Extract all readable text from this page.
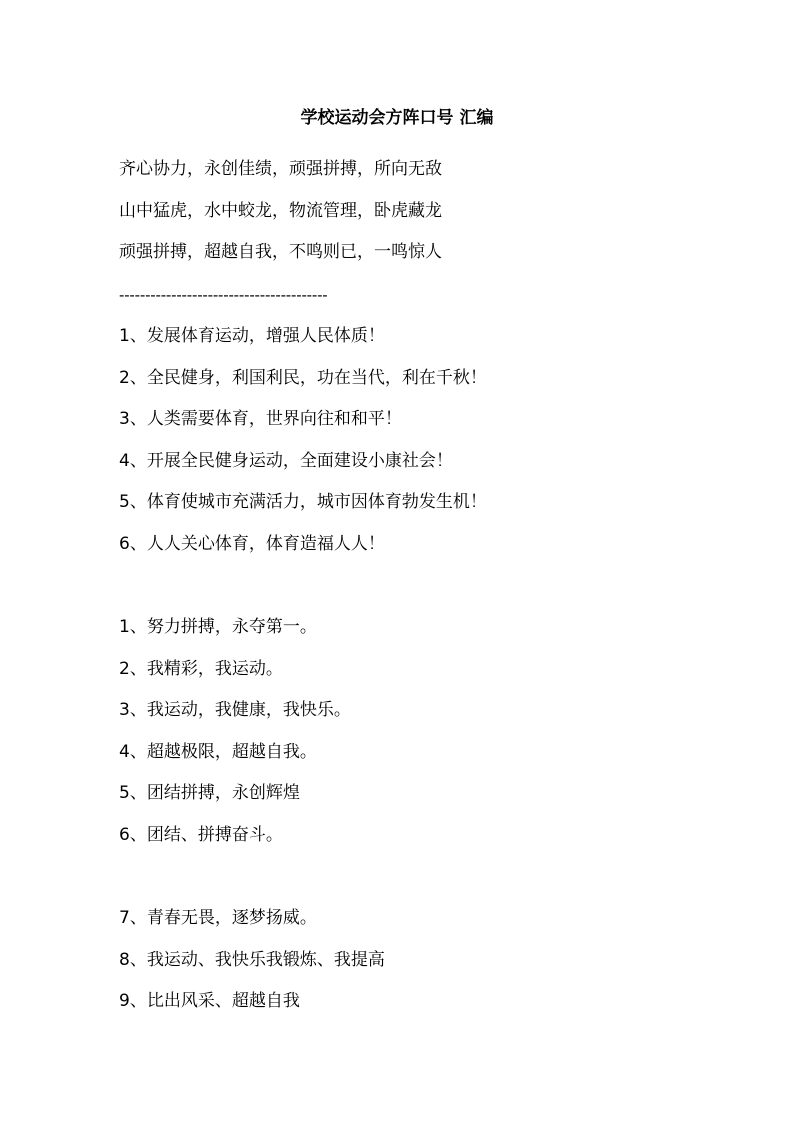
学校运动会方阵口号 汇编
齐心协力，永创佳绩，顽强拼搏，所向无敌
山中猛虎，水中蛟龙，物流管理，卧虎藏龙
顽强拼搏，超越自我，不鸣则已，一鸣惊人
----------------------------------------
1、发展体育运动，增强人民体质！
2、全民健身，利国利民，功在当代，利在千秋！
3、人类需要体育，世界向往和和平！
4、开展全民健身运动，全面建设小康社会！
5、体育使城市充满活力，城市因体育勃发生机！
6、人人关心体育，体育造福人人！
1、努力拼搏，永夺第一。
2、我精彩，我运动。
3、我运动，我健康，我快乐。
4、超越极限，超越自我。
5、团结拼搏，永创辉煌
6、团结、拼搏奋斗。
7、青春无畏，逐梦扬威。
8、我运动、我快乐我锻炼、我提高
9、比出风采、超越自我
